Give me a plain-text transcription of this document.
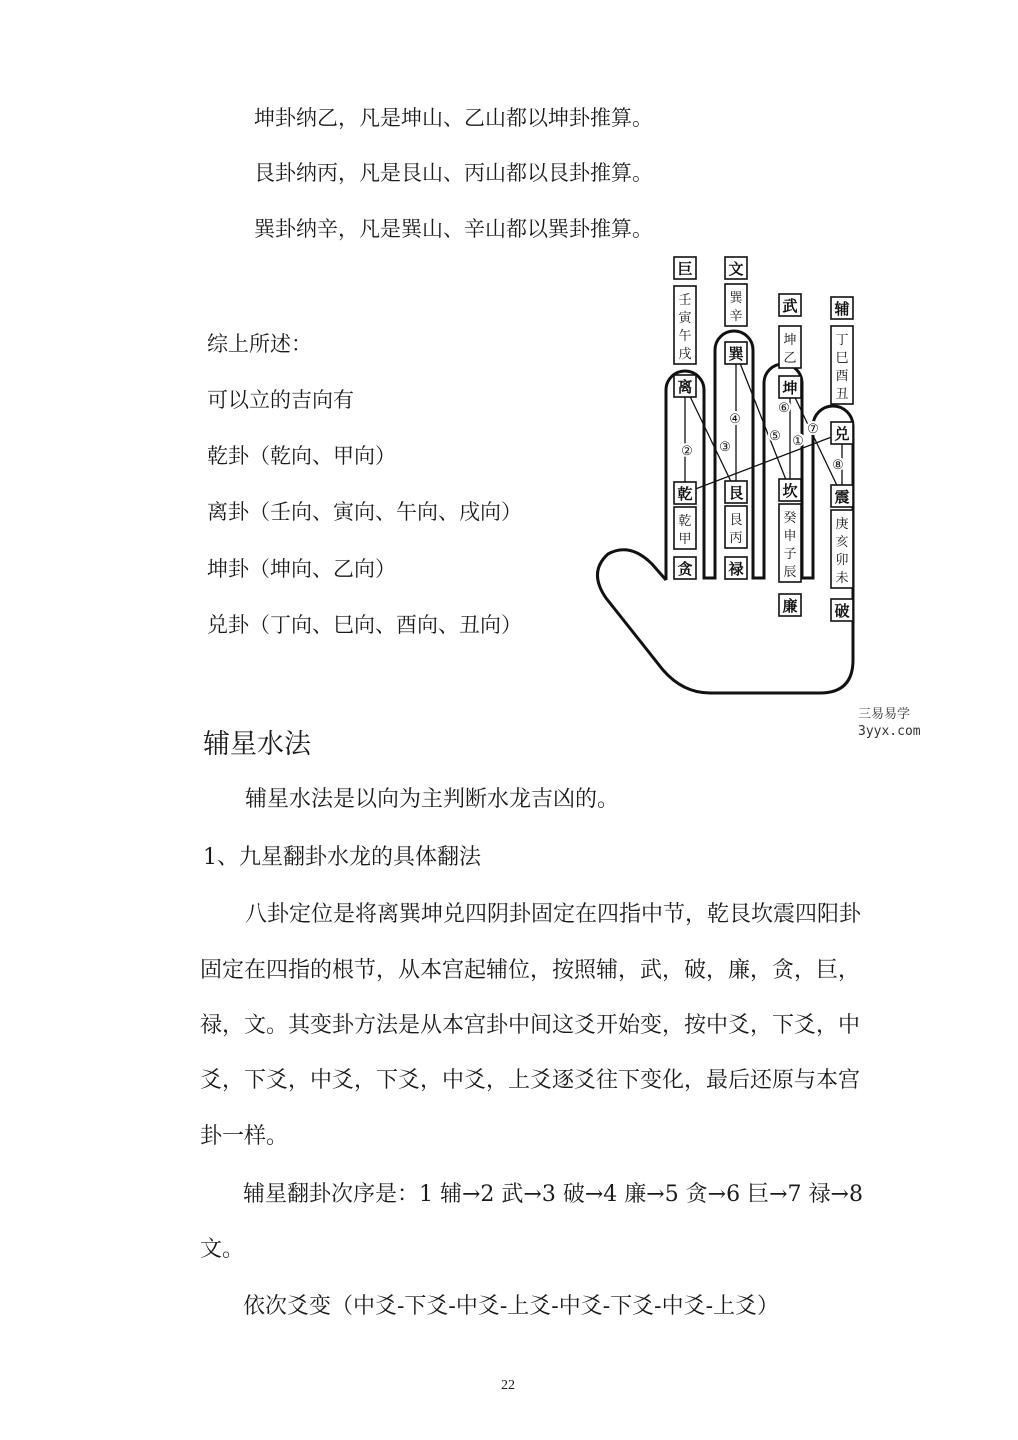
坤卦纳乙，凡是坤山、乙山都以坤卦推算。
艮卦纳丙，凡是艮山、丙山都以艮卦推算。
巽卦纳辛，凡是巽山、辛山都以巽卦推算。
综上所述：
可以立的吉向有
乾卦（乾向、甲向）
离卦（壬向、寅向、午向、戌向）
坤卦（坤向、乙向）
兑卦（丁向、巳向、酉向、丑向）
①
② ③
④
⑤
⑥
⑦
⑧
巨
壬
寅
午
戌
离
乾
乾
甲
贪
文
巽
辛
巽
艮
艮
丙
禄
武
坤
乙
坤
坎
癸
申
子
辰
廉
辅
丁
巳
酉
丑
兑
震
庚
亥
卯
未
破
三易易学
3yyx.com
辅星水法
辅星水法是以向为主判断水龙吉凶的。
1、九星翻卦水龙的具体翻法
八卦定位是将离巽坤兑四阴卦固定在四指中节，乾艮坎震四阳卦
固定在四指的根节，从本宫起辅位，按照辅，武，破，廉，贪，巨，
禄，文。其变卦方法是从本宫卦中间这爻开始变，按中爻，下爻，中
爻，下爻，中爻，下爻，中爻，上爻逐爻往下变化，最后还原与本宫
卦一样。
辅星翻卦次序是：1 辅→2 武→3 破→4 廉→5 贪→6 巨→7 禄→8
文。
依次爻变（中爻-下爻-中爻-上爻-中爻-下爻-中爻-上爻）
22
